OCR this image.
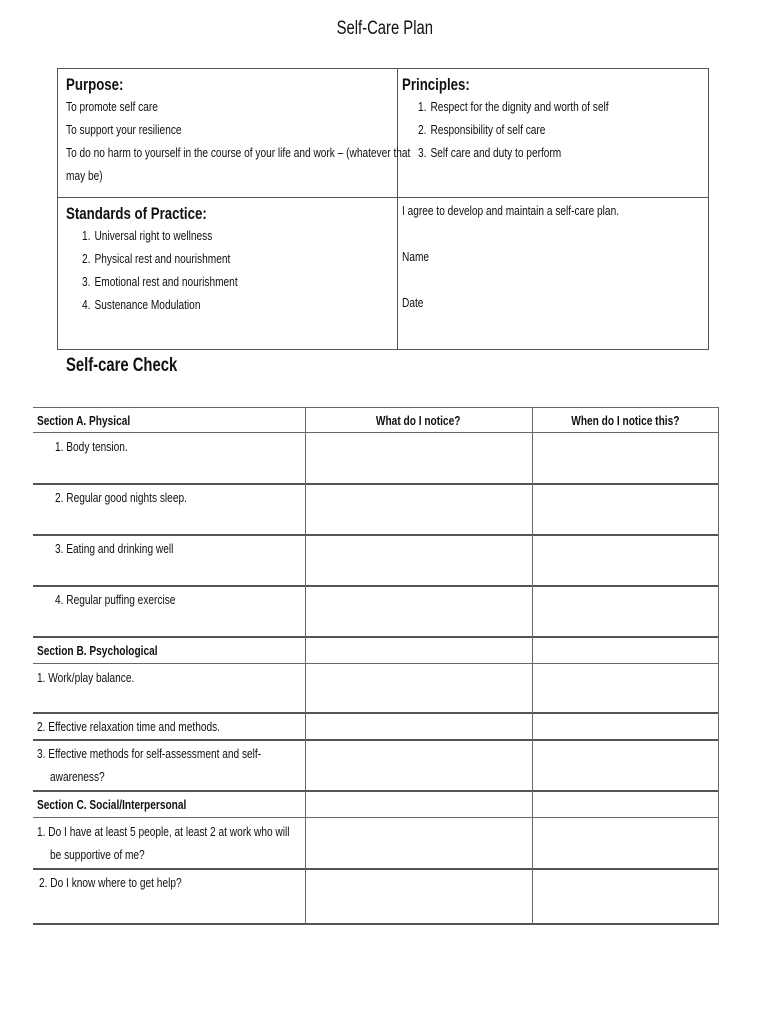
Self-Care Plan
Purpose:
To promote self care
To support your resilience
To do no harm to yourself in the course of your life and work – (whatever that
may be)
Principles:
1. Respect for the dignity and worth of self
2. Responsibility of self care
3. Self care and duty to perform
Standards of Practice:
1. Universal right to wellness
2. Physical rest and nourishment
3. Emotional rest and nourishment
4. Sustenance Modulation
I agree to develop and maintain a self-care plan.
Name
Date
Self-care Check
Section A. Physical	What do I notice?	When do I notice this?
1. Body tension.
2. Regular good nights sleep.
3. Eating and drinking well
4. Regular puffing exercise
Section B. Psychological
1. Work/play balance.
2. Effective relaxation time and methods.
3. Effective methods for self-assessment and self-
awareness?
Section C. Social/Interpersonal
1. Do I have at least 5 people, at least 2 at work who will
be supportive of me?
2. Do I know where to get help?
